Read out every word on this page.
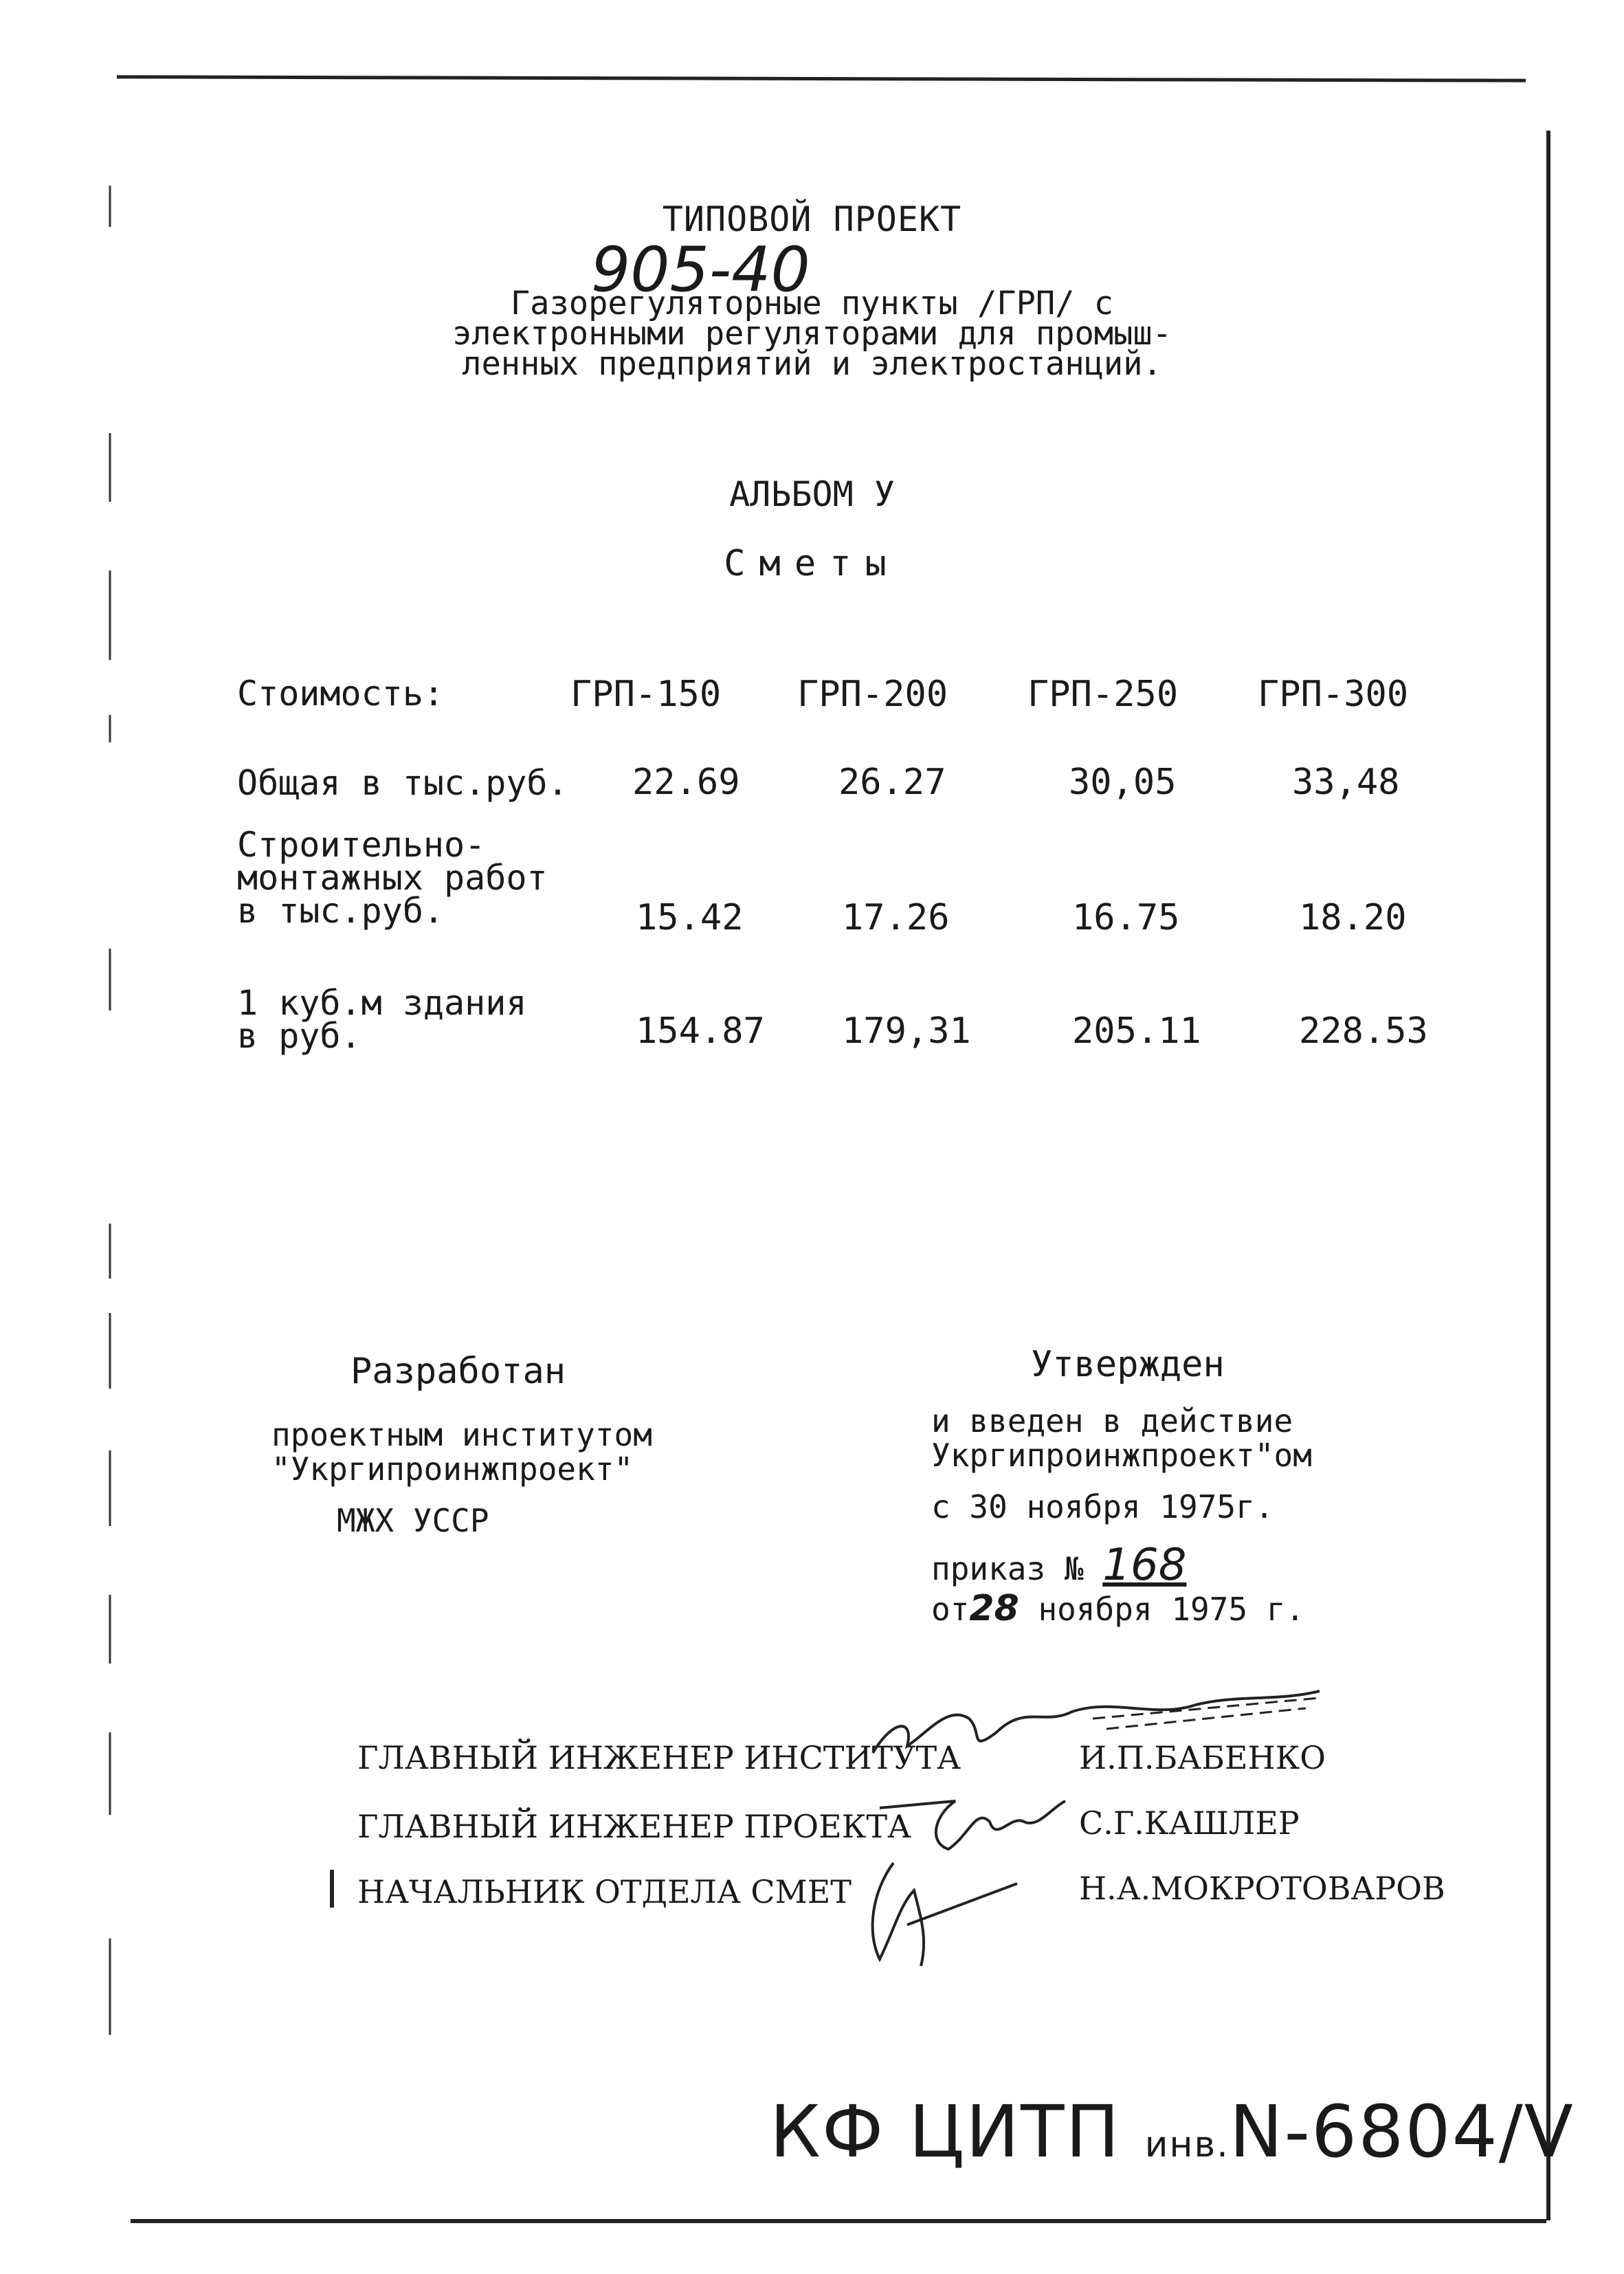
ТИПОВОЙ ПРОЕКТ
905-40
Газорегуляторные пункты /ГРП/ с
электронными регуляторами для промыш-
ленных предприятий и электростанций.
АЛЬБОМ У
Сметы
Стоимость:	ГРП-150 ГРП-200 ГРП-250 ГРП-300
Общая в тыс.руб. 22.69	26.27	30,05	33,48
Строительно-
монтажных работ
в тыс.руб.	15.42	17.26	16.75	18.20
1 куб.м здания
в руб.	154.87 179,31	205.11	228.53
Разработан
проектным институтом
"Укргипроинжпроект"
МЖХ УССР
Утвержден
и введен в действие
Укргипроинжпроект"ом
с 30 ноября 1975г.
приказ № 168
от28 ноября 1975 г.
ГЛАВНЫЙ ИНЖЕНЕР ИНСТИТУТА	И.П.БАБЕНКО
ГЛАВНЫЙ ИНЖЕНЕР ПРОЕКТА	С.Г.КАШЛЕР
НАЧАЛЬНИК ОТДЕЛА СМЕТ	Н.А.МОКРОТОВАРОВ
КФ ЦИТП инв.N-6804/V
